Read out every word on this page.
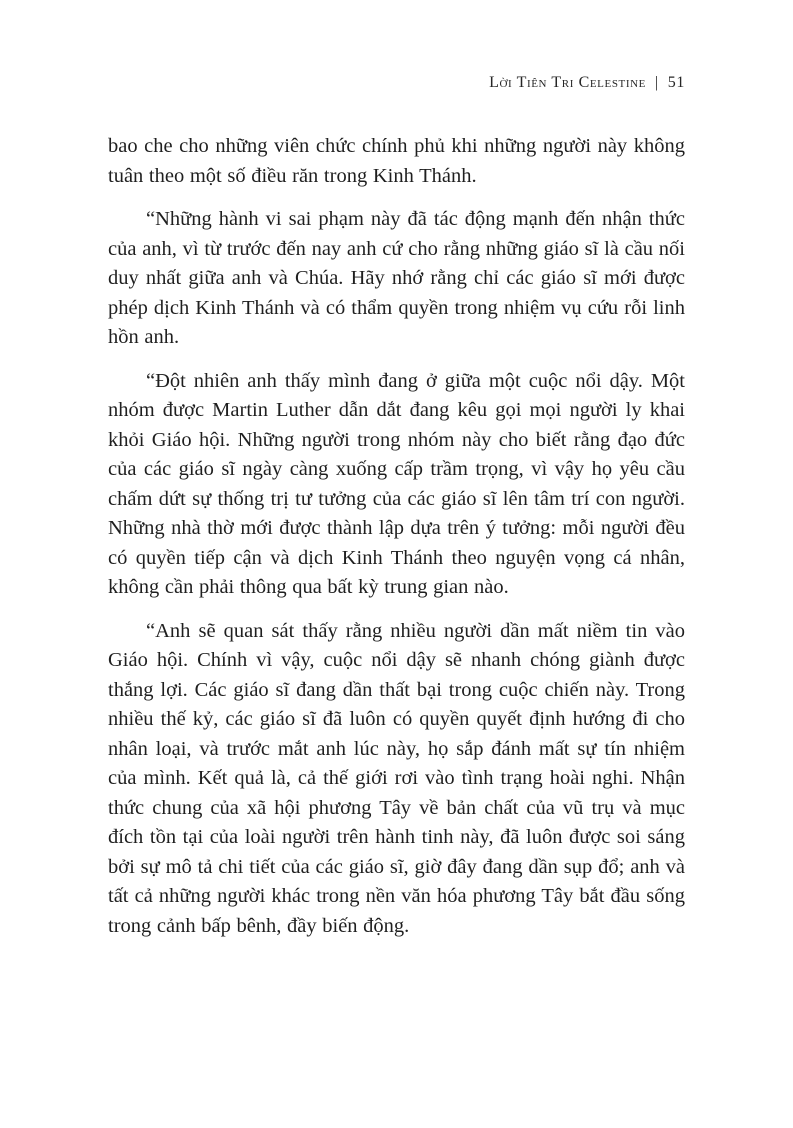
Lời Tiên Tri Celestine | 51

bao che cho những viên chức chính phủ khi những người này không tuân theo một số điều răn trong Kinh Thánh.

“Những hành vi sai phạm này đã tác động mạnh đến nhận thức của anh, vì từ trước đến nay anh cứ cho rằng những giáo sĩ là cầu nối duy nhất giữa anh và Chúa. Hãy nhớ rằng chỉ các giáo sĩ mới được phép dịch Kinh Thánh và có thẩm quyền trong nhiệm vụ cứu rỗi linh hồn anh.

“Đột nhiên anh thấy mình đang ở giữa một cuộc nổi dậy. Một nhóm được Martin Luther dẫn dắt đang kêu gọi mọi người ly khai khỏi Giáo hội. Những người trong nhóm này cho biết rằng đạo đức của các giáo sĩ ngày càng xuống cấp trầm trọng, vì vậy họ yêu cầu chấm dứt sự thống trị tư tưởng của các giáo sĩ lên tâm trí con người. Những nhà thờ mới được thành lập dựa trên ý tưởng: mỗi người đều có quyền tiếp cận và dịch Kinh Thánh theo nguyện vọng cá nhân, không cần phải thông qua bất kỳ trung gian nào.

“Anh sẽ quan sát thấy rằng nhiều người dần mất niềm tin vào Giáo hội. Chính vì vậy, cuộc nổi dậy sẽ nhanh chóng giành được thắng lợi. Các giáo sĩ đang dần thất bại trong cuộc chiến này. Trong nhiều thế kỷ, các giáo sĩ đã luôn có quyền quyết định hướng đi cho nhân loại, và trước mắt anh lúc này, họ sắp đánh mất sự tín nhiệm của mình. Kết quả là, cả thế giới rơi vào tình trạng hoài nghi. Nhận thức chung của xã hội phương Tây về bản chất của vũ trụ và mục đích tồn tại của loài người trên hành tinh này, đã luôn được soi sáng bởi sự mô tả chi tiết của các giáo sĩ, giờ đây đang dần sụp đổ; anh và tất cả những người khác trong nền văn hóa phương Tây bắt đầu sống trong cảnh bấp bênh, đầy biến động.
